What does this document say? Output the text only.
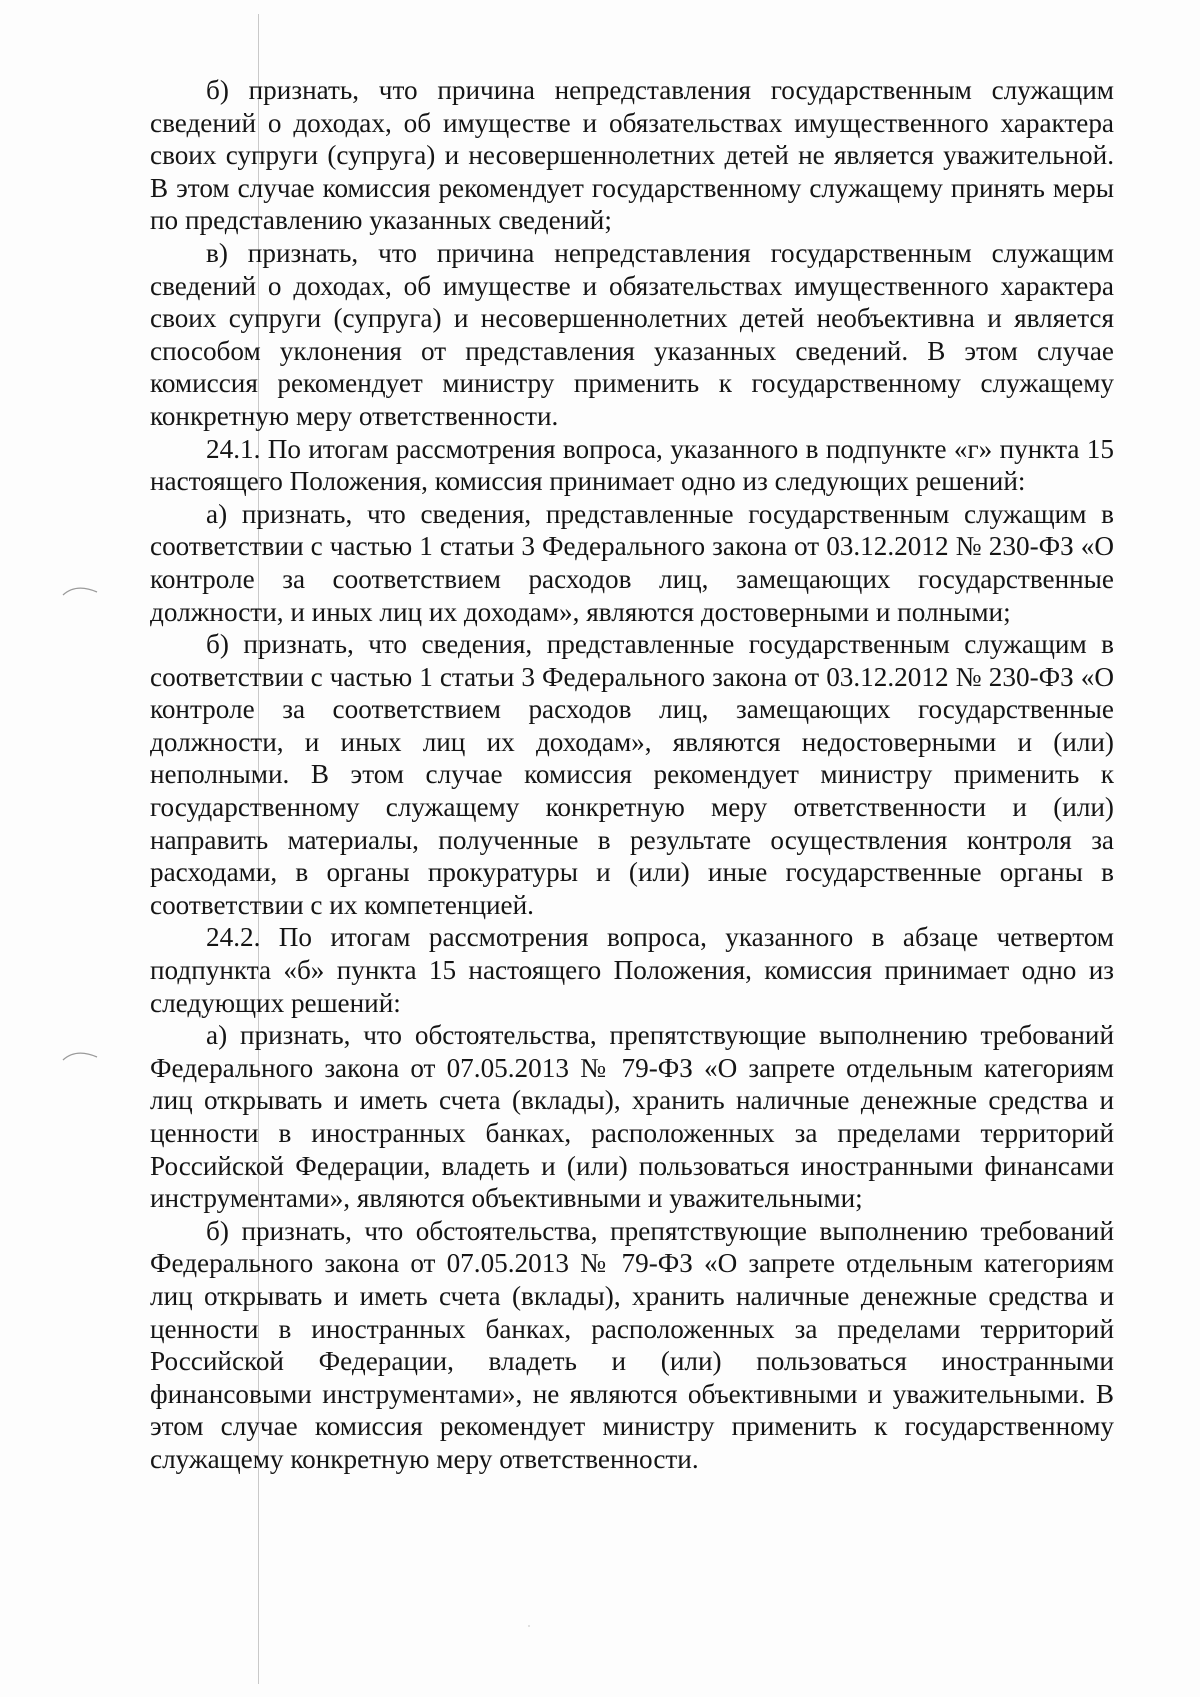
б) признать, что причина непредставления государственным служащим сведений о доходах, об имуществе и обязательствах имущественного характера своих супруги (супруга) и несовершеннолетних детей не является уважительной. В этом случае комиссия рекомендует государственному служащему принять меры по представлению указанных сведений;

в) признать, что причина непредставления государственным служащим сведений о доходах, об имуществе и обязательствах имущественного характера своих супруги (супруга) и несовершеннолетних детей необъективна и является способом уклонения от представления указанных сведений. В этом случае комиссия рекомендует министру применить к государственному служащему конкретную меру ответственности.

24.1. По итогам рассмотрения вопроса, указанного в подпункте «г» пункта 15 настоящего Положения, комиссия принимает одно из следующих решений:

а) признать, что сведения, представленные государственным служащим в соответствии с частью 1 статьи 3 Федерального закона от 03.12.2012 № 230-ФЗ «О контроле за соответствием расходов лиц, замещающих государственные должности, и иных лиц их доходам», являются достоверными и полными;

б) признать, что сведения, представленные государственным служащим в соответствии с частью 1 статьи 3 Федерального закона от 03.12.2012 № 230-ФЗ «О контроле за соответствием расходов лиц, замещающих государственные должности, и иных лиц их доходам», являются недостоверными и (или) неполными. В этом случае комиссия рекомендует министру применить к государственному служащему конкретную меру ответственности и (или) направить материалы, полученные в результате осуществления контроля за расходами, в органы прокуратуры и (или) иные государственные органы в соответствии с их компетенцией.

24.2. По итогам рассмотрения вопроса, указанного в абзаце четвертом подпункта «б» пункта 15 настоящего Положения, комиссия принимает одно из следующих решений:

а) признать, что обстоятельства, препятствующие выполнению требований Федерального закона от 07.05.2013 № 79-ФЗ «О запрете отдельным категориям лиц открывать и иметь счета (вклады), хранить наличные денежные средства и ценности в иностранных банках, расположенных за пределами территорий Российской Федерации, владеть и (или) пользоваться иностранными финансами инструментами», являются объективными и уважительными;

б) признать, что обстоятельства, препятствующие выполнению требований Федерального закона от 07.05.2013 № 79-ФЗ «О запрете отдельным категориям лиц открывать и иметь счета (вклады), хранить наличные денежные средства и ценности в иностранных банках, расположенных за пределами территорий Российской Федерации, владеть и (или) пользоваться иностранными финансовыми инструментами», не являются объективными и уважительными. В этом случае комиссия рекомендует министру применить к государственному служащему конкретную меру ответственности.
